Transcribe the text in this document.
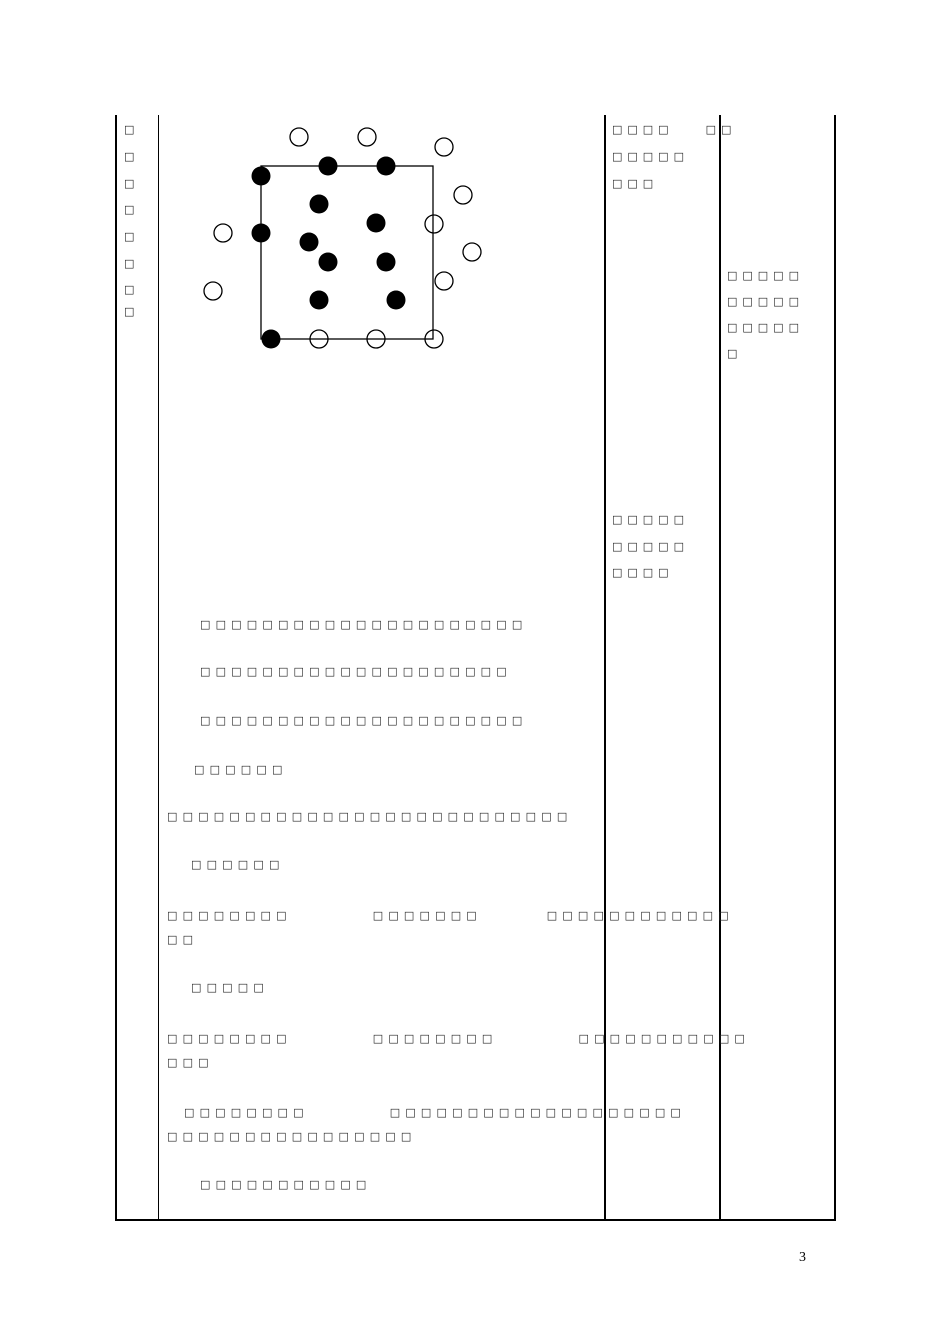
□
□
□
□
□
□
□
□
□□□□　　□□
□□□□□
□□□
□□□□□
□□□□□
□□□□
□□□□□
□□□□□
□□□□□
□
□□□□□□□□□□□□□□□□□□□□□
□□□□□□□□□□□□□□□□□□□□
□□□□□□□□□□□□□□□□□□□□□
□□□□□□
□□□□□□□□□□□□□□□□□□□□□□□□□□
□□□□□□
□□□□□□□□　　　　　□□□□□□□　　　　□□□□□□□□□□□□
□□
□□□□□
□□□□□□□□　　　　　□□□□□□□□　　　　　□□□□□□□□□□□
□□□
□□□□□□□□　　　　　□□□□□□□□□□□□□□□□□□□
□□□□□□□□□□□□□□□□
□□□□□□□□□□□
3
